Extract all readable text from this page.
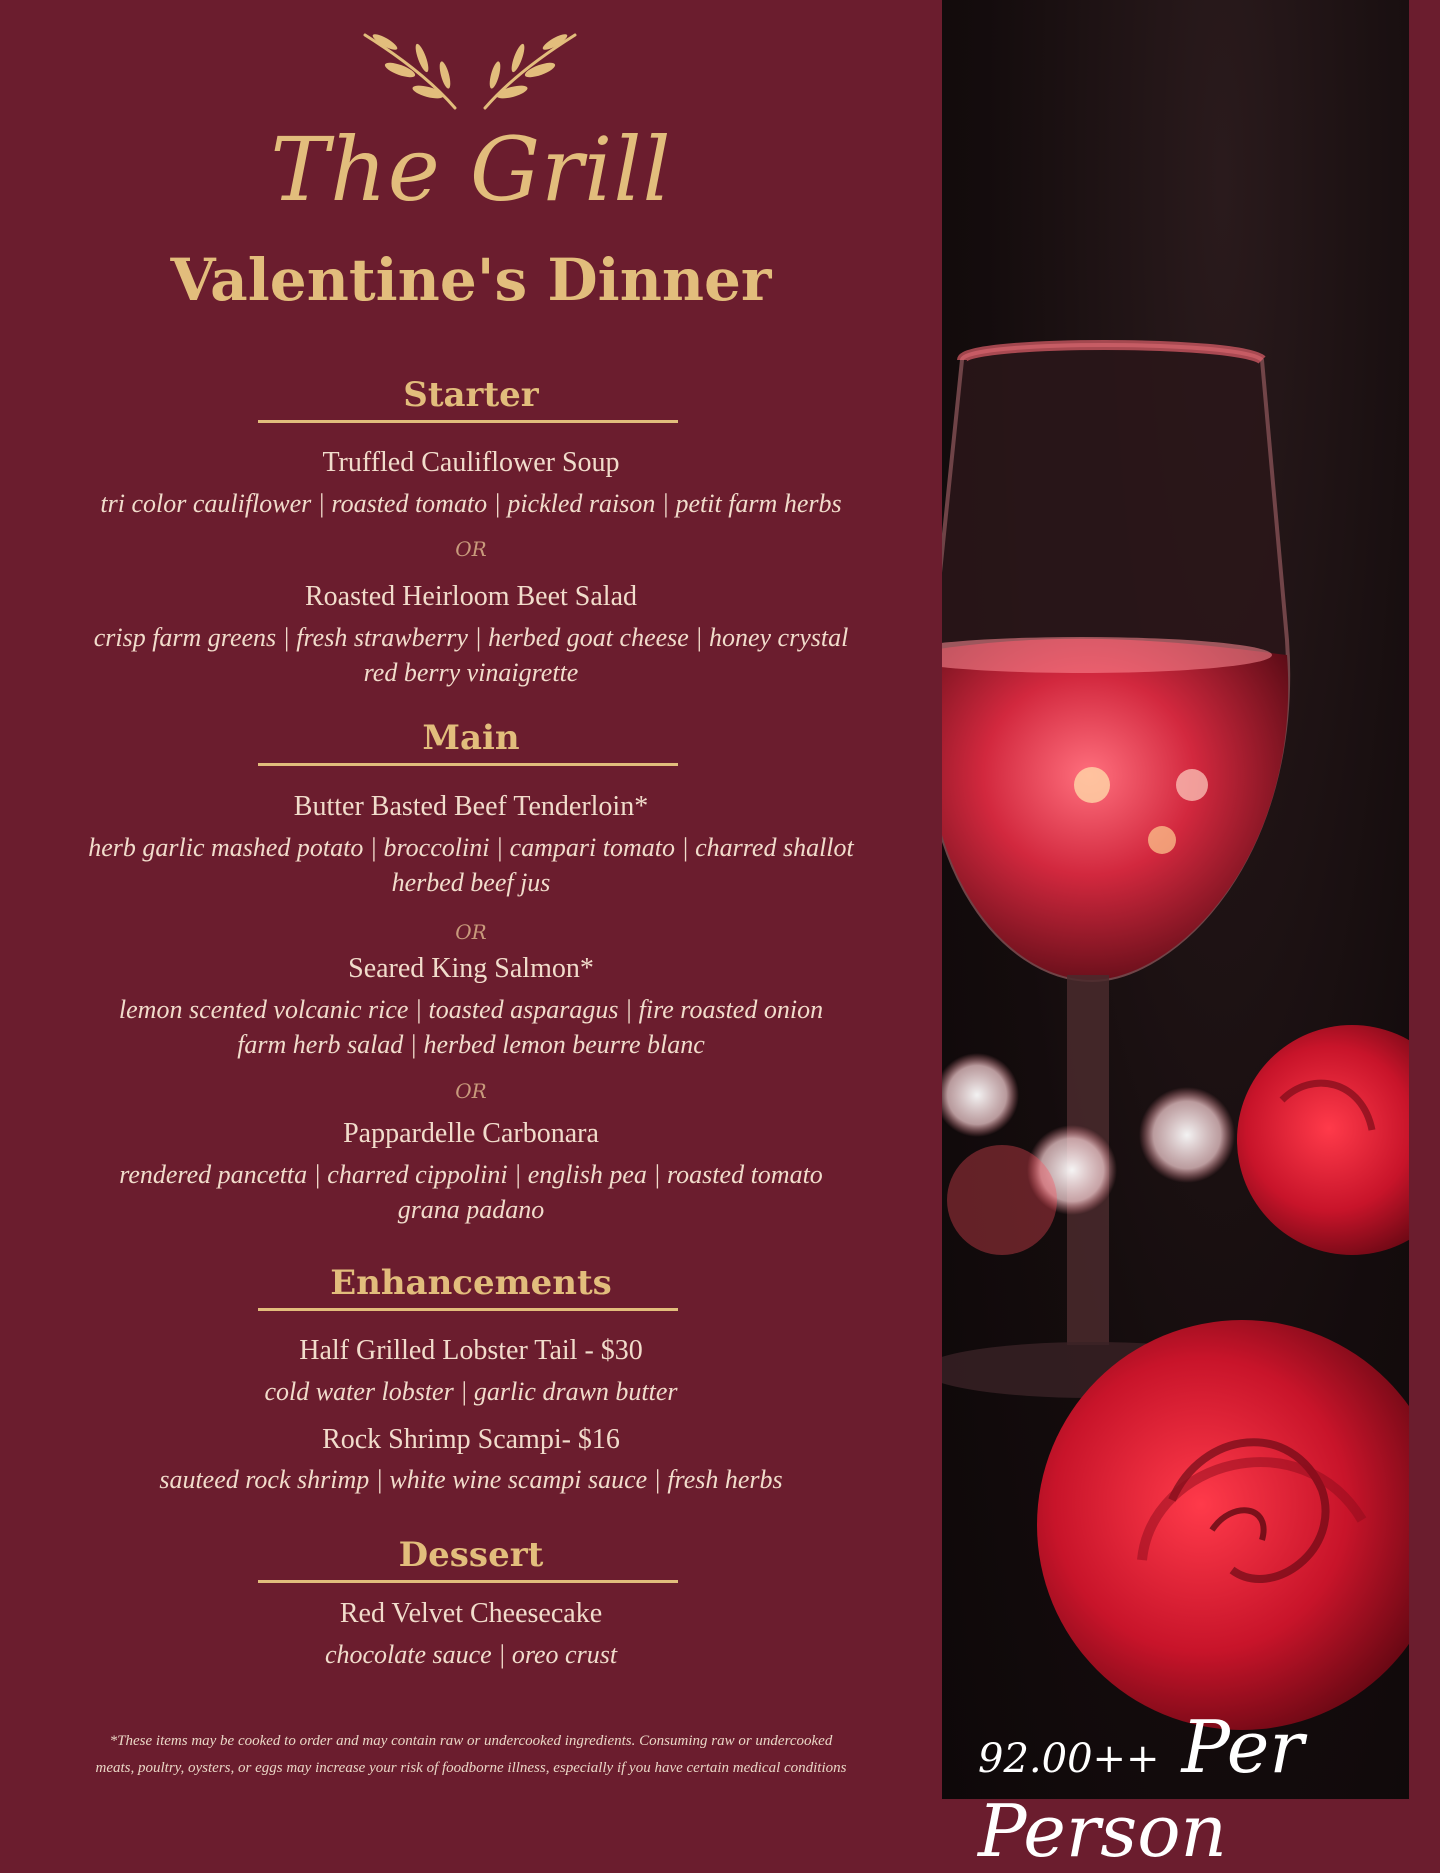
The Grill
Valentine's Dinner
Starter
Truffled Cauliflower Soup
tri color cauliflower | roasted tomato | pickled raison | petit farm herbs
OR
Roasted Heirloom Beet Salad
crisp farm greens | fresh strawberry | herbed goat cheese | honey crystal
red berry vinaigrette
Main
Butter Basted Beef Tenderloin*
herb garlic mashed potato | broccolini | campari tomato | charred shallot
herbed beef jus
OR
Seared King Salmon*
lemon scented volcanic rice | toasted asparagus | fire roasted onion
farm herb salad | herbed lemon beurre blanc
OR
Pappardelle Carbonara
rendered pancetta | charred cippolini | english pea | roasted tomato
grana padano
Enhancements
Half Grilled Lobster Tail - $30
cold water lobster | garlic drawn butter
Rock Shrimp Scampi- $16
sauteed rock shrimp | white wine scampi sauce | fresh herbs
Dessert
Red Velvet Cheesecake
chocolate sauce | oreo crust
*These items may be cooked to order and may contain raw or undercooked ingredients. Consuming raw or undercooked
meats, poultry, oysters, or eggs may increase your risk of foodborne illness, especially if you have certain medical conditions	92.00++ Per Person
